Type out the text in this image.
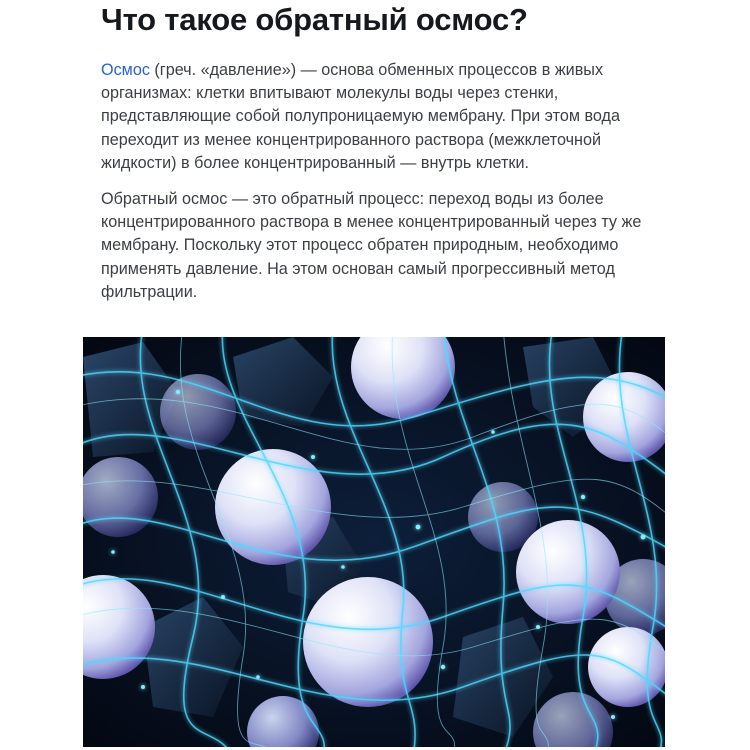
Что такое обратный осмос?

Осмос (греч. «давление») — основа обменных процессов в живых организмах: клетки впитывают молекулы воды через стенки, представляющие собой полупроницаемую мембрану. При этом вода переходит из менее концентрированного раствора (межклеточной жидкости) в более концентрированный — внутрь клетки.

Обратный осмос — это обратный процесс: переход воды из более концентрированного раствора в менее концентрированный через ту же мембрану. Поскольку этот процесс обратен природным, необходимо применять давление. На этом основан самый прогрессивный метод фильтрации.
